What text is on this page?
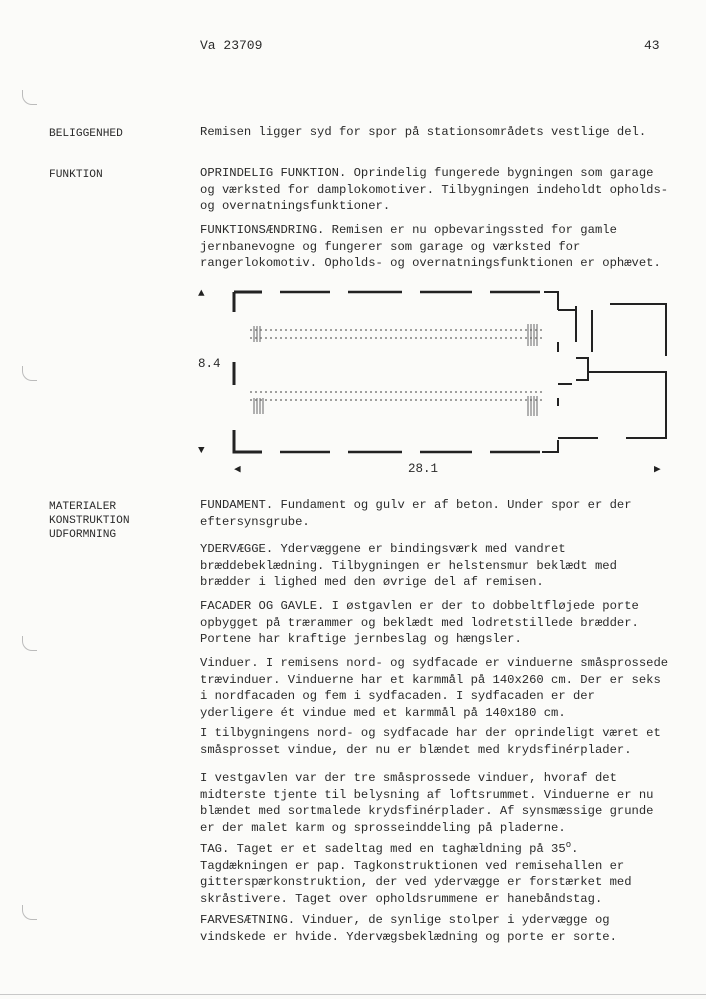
Va 23709	43
BELIGGENHED	Remisen ligger syd for spor på stationsområdets vestlige del.

FUNKTION	OPRINDELIG FUNKTION. Oprindelig fungerede bygningen som garage og værksted for damplokomotiver. Tilbygningen indeholdt opholds- og overnatningsfunktioner.

FUNKTIONSÆNDRING. Remisen er nu opbevaringssted for gamle jernbanevogne og fungerer som garage og værksted for rangerlokomotiv. Opholds- og overnatningsfunktionen er ophævet.

▲
8.4
▼
◀	28.1	▶
MATERIALER
KONSTRUKTION
UDFORMNING

FUNDAMENT. Fundament og gulv er af beton. Under spor er der eftersynsgrube.

YDERVÆGGE. Ydervæggene er bindingsværk med vandret bræddebeklædning. Tilbygningen er helstensmur beklædt med brædder i lighed med den øvrige del af remisen.

FACADER OG GAVLE. I østgavlen er der to dobbeltfløjede porte opbygget på trærammer og beklædt med lodretstillede brædder. Portene har kraftige jernbeslag og hængsler.

Vinduer. I remisens nord- og sydfacade er vinduerne småsprossede trævinduer. Vinduerne har et karmmål på 140x260 cm. Der er seks i nordfacaden og fem i sydfacaden. I sydfacaden er der yderligere ét vindue med et karmmål på 140x180 cm.

I tilbygningens nord- og sydfacade har der oprindeligt været et småsprosset vindue, der nu er blændet med krydsfinérplader.

I vestgavlen var der tre småsprossede vinduer, hvoraf det midterste tjente til belysning af loftsrummet. Vinduerne er nu blændet med sortmalede krydsfinérplader. Af synsmæssige grunde er der malet karm og sprosseinddeling på pladerne.

TAG. Taget er et sadeltag med en taghældning på 35$^o$. Tagdækningen er pap. Tagkonstruktionen ved remisehallen er gitterspærkonstruktion, der ved ydervægge er forstærket med skråstivere. Taget over opholdsrummene er hanebåndstag.

FARVESÆTNING. Vinduer, de synlige stolper i ydervægge og vindskede er hvide. Ydervægsbeklædning og porte er sorte.
